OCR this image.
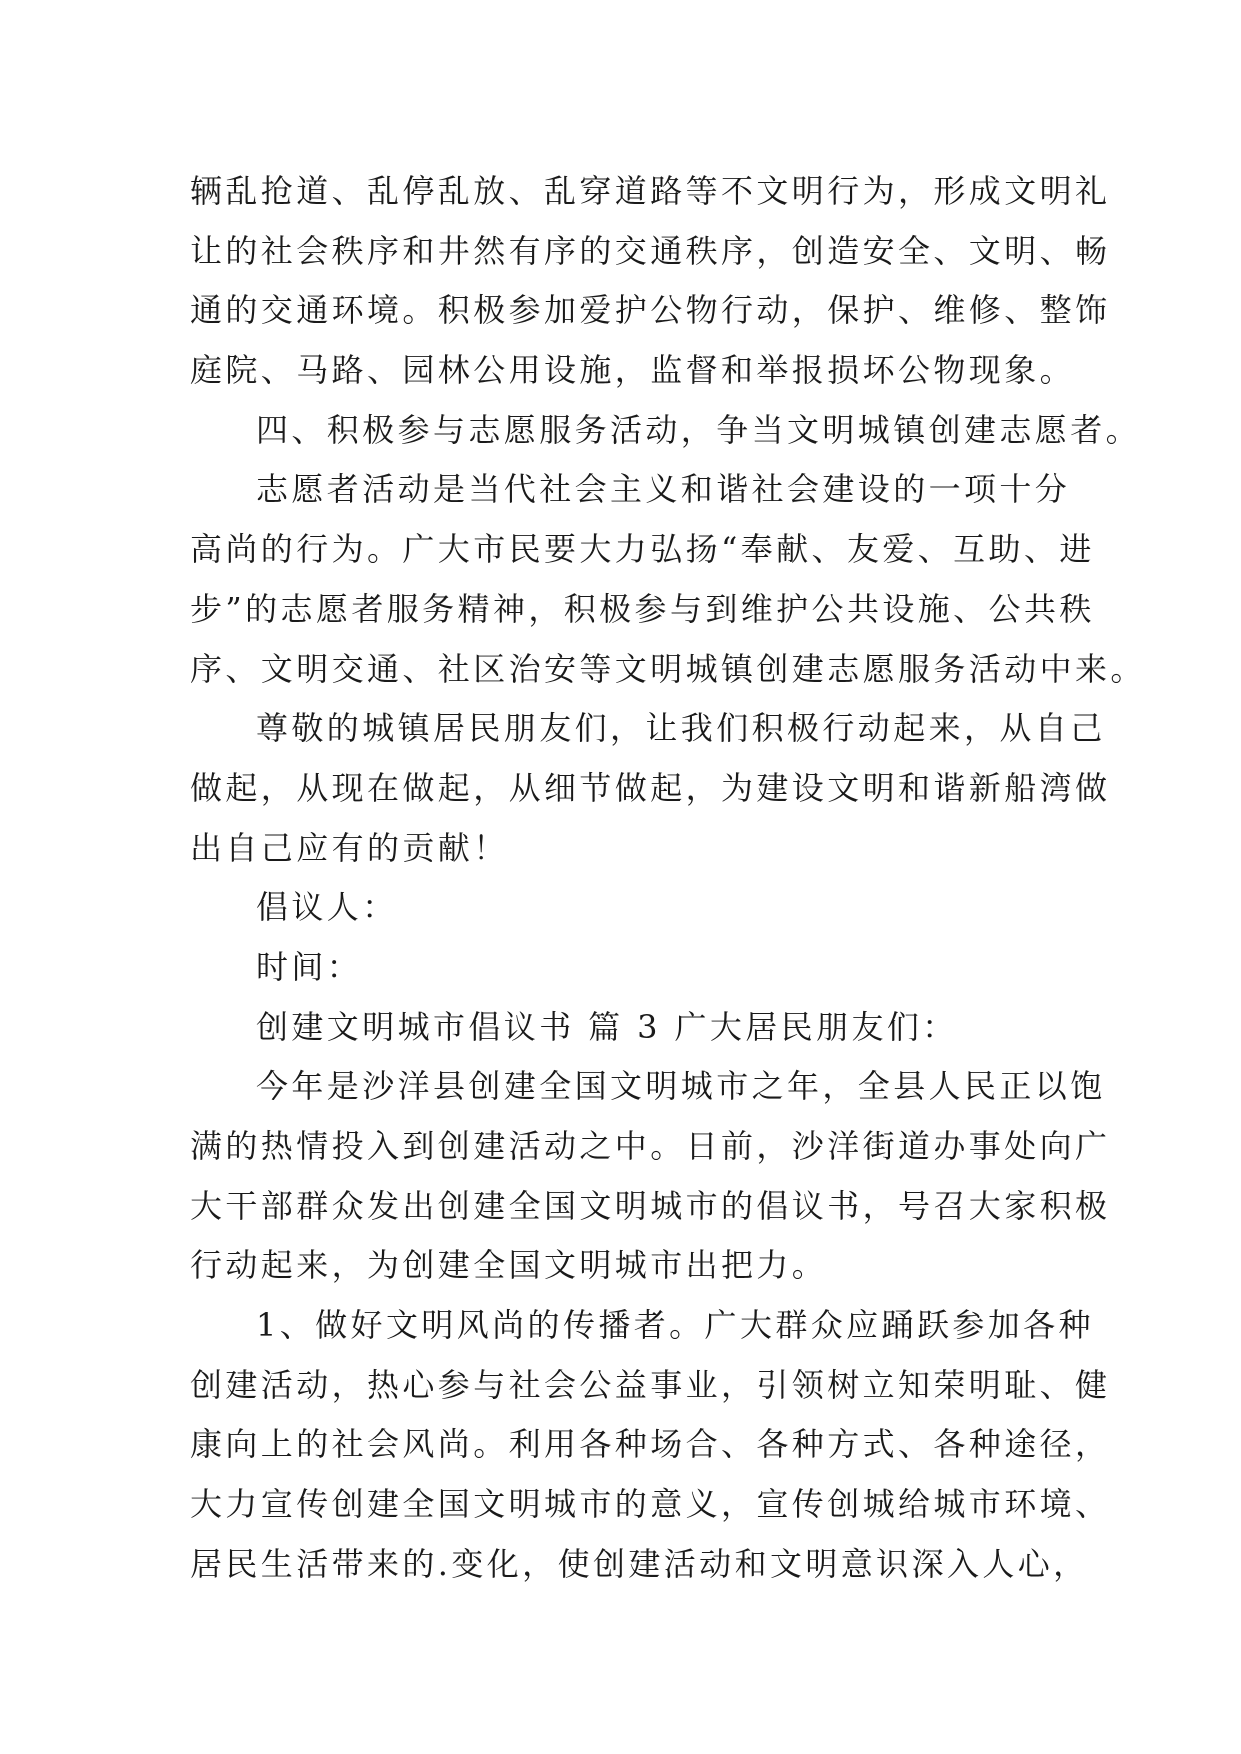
辆乱抢道、乱停乱放、乱穿道路等不文明行为，形成文明礼
让的社会秩序和井然有序的交通秩序，创造安全、文明、畅
通的交通环境。积极参加爱护公物行动，保护、维修、整饰
庭院、马路、园林公用设施，监督和举报损坏公物现象。
四、积极参与志愿服务活动，争当文明城镇创建志愿者。
志愿者活动是当代社会主义和谐社会建设的一项十分
高尚的行为。广大市民要大力弘扬“奉献、友爱、互助、进
步”的志愿者服务精神，积极参与到维护公共设施、公共秩
序、文明交通、社区治安等文明城镇创建志愿服务活动中来。
尊敬的城镇居民朋友们，让我们积极行动起来，从自己
做起，从现在做起，从细节做起，为建设文明和谐新船湾做
出自己应有的贡献！
倡议人：
时间：
创建文明城市倡议书 篇 3 广大居民朋友们：
今年是沙洋县创建全国文明城市之年，全县人民正以饱
满的热情投入到创建活动之中。日前，沙洋街道办事处向广
大干部群众发出创建全国文明城市的倡议书，号召大家积极
行动起来，为创建全国文明城市出把力。
1、做好文明风尚的传播者。广大群众应踊跃参加各种
创建活动，热心参与社会公益事业，引领树立知荣明耻、健
康向上的社会风尚。利用各种场合、各种方式、各种途径，
大力宣传创建全国文明城市的意义，宣传创城给城市环境、
居民生活带来的.变化，使创建活动和文明意识深入人心，
